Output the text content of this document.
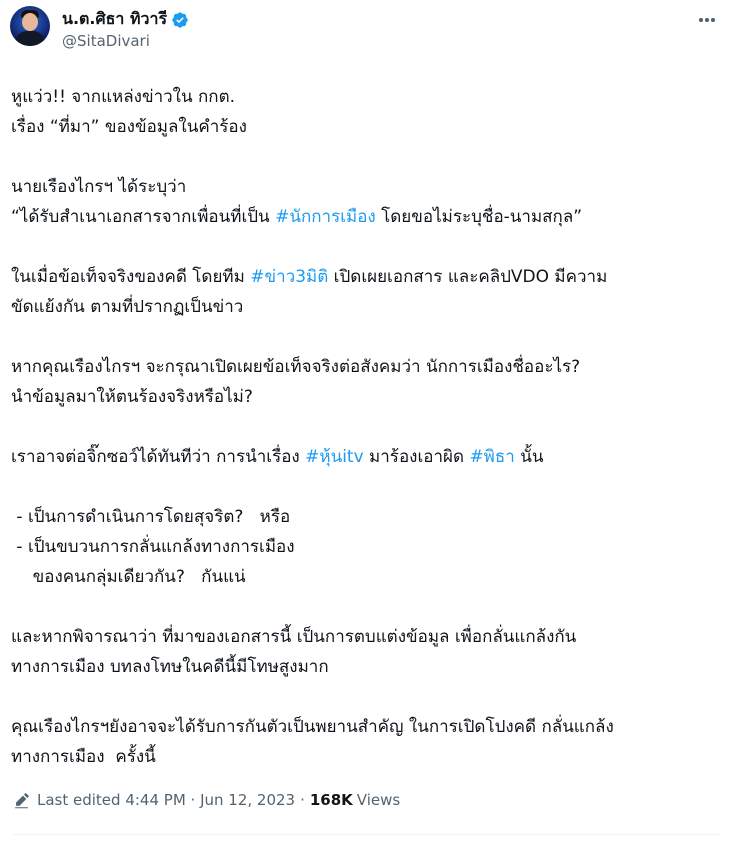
น.ต.ศิธา ทิวารี
@SitaDivari

หูแว่ว!! จากแหล่งข่าวใน กกต.

เรื่อง “ที่มา” ของข้อมูลในคำร้อง

นายเรืองไกรฯ ได้ระบุว่า

“ได้รับสำเนาเอกสารจากเพื่อนที่เป็น #นักการเมือง โดยขอไม่ระบุชื่อ-นามสกุล”

ในเมื่อข้อเท็จจริงของคดี โดยทีม #ข่าว3มิติ เปิดเผยเอกสาร และคลิปVDO มีความ

ขัดแย้งกัน ตามที่ปรากฏเป็นข่าว

หากคุณเรืองไกรฯ จะกรุณาเปิดเผยข้อเท็จจริงต่อสังคมว่า นักการเมืองชื่ออะไร?

นำข้อมูลมาให้ตนร้องจริงหรือไม่?

เราอาจต่อจิ๊กซอว์ได้ทันทีว่า การนำเรื่อง #หุ้นitv มาร้องเอาผิด #พิธา นั้น

- เป็นการดำเนินการโดยสุจริต?   หรือ

- เป็นขบวนการกลั่นแกล้งทางการเมือง

ของคนกลุ่มเดียวกัน?   กันแน่

และหากพิจารณาว่า ที่มาของเอกสารนี้ เป็นการตบแต่งข้อมูล เพื่อกลั่นแกล้งกัน

ทางการเมือง บทลงโทษในคดีนี้มีโทษสูงมาก

คุณเรืองไกรฯยังอาจจะได้รับการกันตัวเป็นพยานสำคัญ ในการเปิดโปงคดี กลั่นแกล้ง

ทางการเมือง  ครั้งนี้

Last edited 4:44 PM · Jun 12, 2023 · 168K Views
